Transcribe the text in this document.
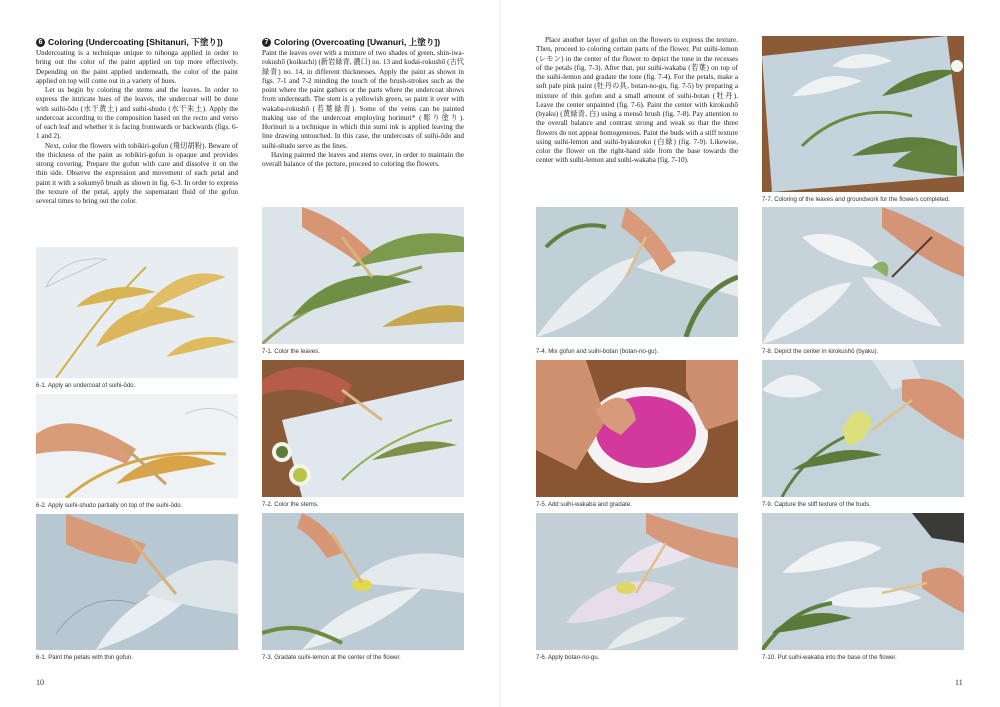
6 Coloring (Undercoating [Shitanuri, 下塗り])

Undercoating is a technique unique to nihonga applied in order to bring out the color of the paint applied on top more effectively. Depending on the paint applied underneath, the color of the paint applied on top will come out in a variety of hues.

Let us begin by coloring the stems and the leaves. In order to express the intricate hues of the leaves, the undercoat will be done with suihi-ōdo (水干黄土) and suihi-shudo (水干朱土). Apply the undercoat according to the composition based on the recto and verso of each leaf and whether it is facing frontwards or backwards (figs. 6-1 and 2).

Next, color the flowers with tobikiri-gofun (飛切胡粉). Beware of the thickness of the paint as tobikiri-gofun is opaque and provides strong covering. Prepare the gofun with care and dissolve it on the thin side. Observe the expression and movement of each petal and paint it with a sokumyō brush as shown in fig. 6-3. In order to express the texture of the petal, apply the supernatant fluid of the gofun several times to bring out the color.

6-1. Apply an undercoat of suihi-ōdo.
6-2. Apply suihi-shudo partially on top of the suihi-ōdo.
6-1. Paint the petals with thin gofun.
10
7 Coloring (Overcoating [Uwanuri, 上塗り])

Paint the leaves over with a mixture of two shades of green, shin-iwa-rokushō (koikuchi) (新岩緑青, 濃口) no. 13 and kodai-rokushō (古代緑青) no. 14, in different thicknesses. Apply the paint as shown in figs. 7-1 and 7-2 minding the touch of the brush-strokes such as the point where the paint gathers or the parts where the undercoat shows from underneath. The stem is a yellowish green, so paint it over with wakaba-rokushō (若葉緑青). Some of the veins can be painted making use of the undercoat employing horinuri* (彫り塗り). Horinuri is a technique in which thin sumi ink is applied leaving the line drawing untouched. In this case, the undercoats of suihi-ōdo and suihi-shudo serve as the lines.

Having painted the leaves and stems over, in order to maintain the overall balance of the picture, proceed to coloring the flowers.

7-1. Color the leaves.
7-2. Color the stems.
7-3. Gradate suihi-lemon at the center of the flower.

Place another layer of gofun on the flowers to express the texture. Then, proceed to coloring certain parts of the flower. Put suihi-lemon (レモン) in the center of the flower to depict the tone in the recesses of the petals (fig. 7-3). After that, put suihi-wakaba (若葉) on top of the suihi-lemon and gradate the tone (fig. 7-4). For the petals, make a soft pale pink paint (牡丹の具, botan-no-gu, fig. 7-5) by preparing a mixture of thin gofun and a small amount of suihi-botan (牡丹). Leave the center unpainted (fig. 7-6). Paint the center with kirokushō (byaku) (黄緑青, 白) using a mensō brush (fig. 7-8). Pay attention to the overall balance and contrast strong and weak so that the three flowers do not appear homogeneous. Paint the buds with a stiff texture using suihi-lemon and suihi-byakuroku (白緑) (fig. 7-9). Likewise, color the flower on the right-hand side from the base towards the center with suihi-lemon and suihi-wakaba (fig. 7-10).

7-4. Mix gofun and suihi-botan (botan-no-gu).
7-5. Add suihi-wakaba and gradate.
7-6. Apply botan-no-gu.
7-7. Coloring of the leaves and groundwork for the flowers completed.
7-8. Depict the center in kirokushō (byaku).
7-9. Capture the stiff texture of the buds.
7-10. Put suihi-wakaba into the base of the flower.
11
